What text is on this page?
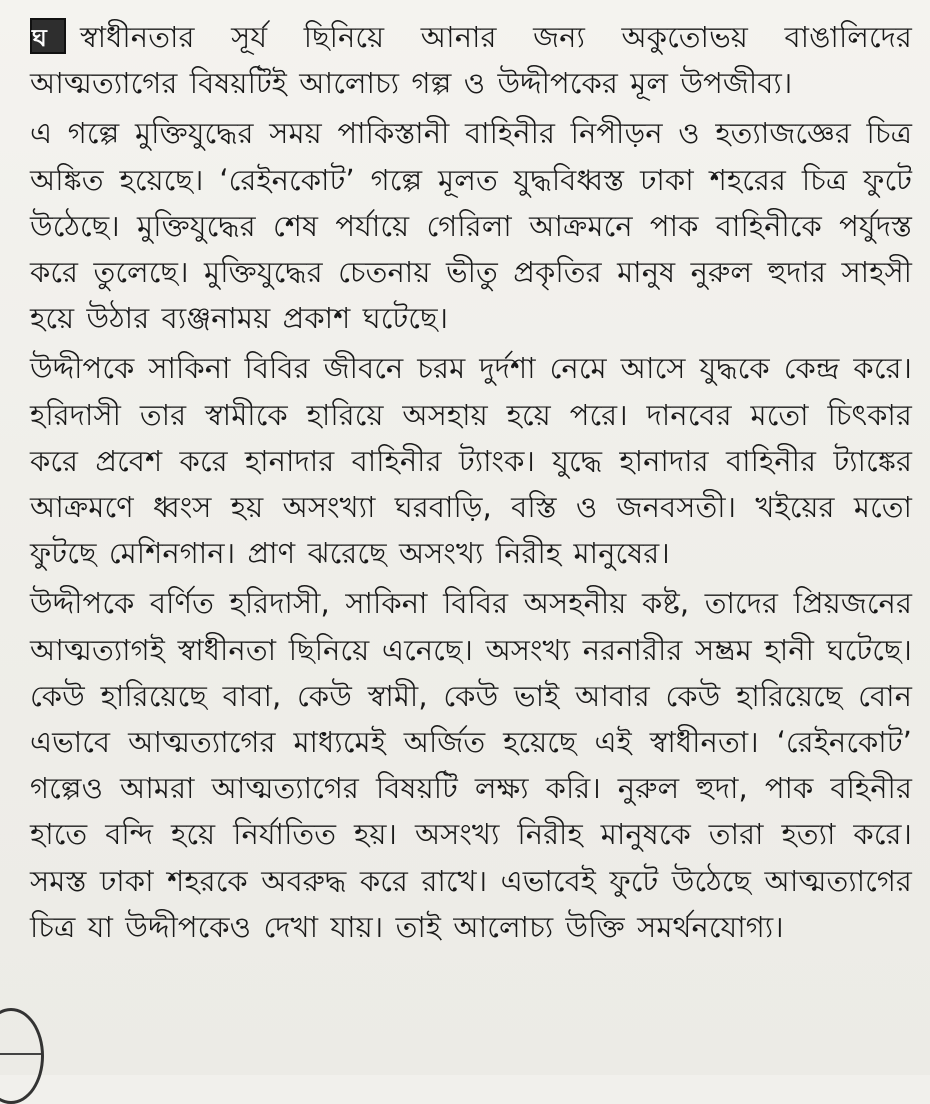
ঘ স্বাধীনতার সূর্য ছিনিয়ে আনার জন্য অকুতোভয় বাঙালিদের আত্মত্যাগের বিষয়টিই আলোচ্য গল্প ও উদ্দীপকের মূল উপজীব্য।

এ গল্পে মুক্তিযুদ্ধের সময় পাকিস্তানী বাহিনীর নিপীড়ন ও হত্যাজজ্ঞের চিত্র অঙ্কিত হয়েছে। ‘রেইনকোট’ গল্পে মূলত যুদ্ধবিধ্বস্ত ঢাকা শহরের চিত্র ফুটে উঠেছে। মুক্তিযুদ্ধের শেষ পর্যায়ে গেরিলা আক্রমনে পাক বাহিনীকে পর্যুদস্ত করে তুলেছে। মুক্তিযুদ্ধের চেতনায় ভীতু প্রকৃতির মানুষ নুরুল হুদার সাহসী হয়ে উঠার ব্যঞ্জনাময় প্রকাশ ঘটেছে।

উদ্দীপকে সাকিনা বিবির জীবনে চরম দুর্দশা নেমে আসে যুদ্ধকে কেন্দ্র করে। হরিদাসী তার স্বামীকে হারিয়ে অসহায় হয়ে পরে। দানবের মতো চিৎকার করে প্রবেশ করে হানাদার বাহিনীর ট্যাংক। যুদ্ধে হানাদার বাহিনীর ট্যাঙ্কের আক্রমণে ধ্বংস হয় অসংখ্যা ঘরবাড়ি, বস্তি ও জনবসতী। খইয়ের মতো ফুটছে মেশিনগান। প্রাণ ঝরেছে অসংখ্য নিরীহ মানুষের।

উদ্দীপকে বর্ণিত হরিদাসী, সাকিনা বিবির অসহনীয় কষ্ট, তাদের প্রিয়জনের আত্মত্যাগই স্বাধীনতা ছিনিয়ে এনেছে। অসংখ্য নরনারীর সম্ভ্রম হানী ঘটেছে। কেউ হারিয়েছে বাবা, কেউ স্বামী, কেউ ভাই আবার কেউ হারিয়েছে বোন এভাবে আত্মত্যাগের মাধ্যমেই অর্জিত হয়েছে এই স্বাধীনতা। ‘রেইনকোট’ গল্পেও আমরা আত্মত্যাগের বিষয়টি লক্ষ্য করি। নুরুল হুদা, পাক বহিনীর হাতে বন্দি হয়ে নির্যাতিত হয়। অসংখ্য নিরীহ মানুষকে তারা হত্যা করে। সমস্ত ঢাকা শহরকে অবরুদ্ধ করে রাখে। এভাবেই ফুটে উঠেছে আত্মত্যাগের চিত্র যা উদ্দীপকেও দেখা যায়। তাই আলোচ্য উক্তি সমর্থনযোগ্য।
